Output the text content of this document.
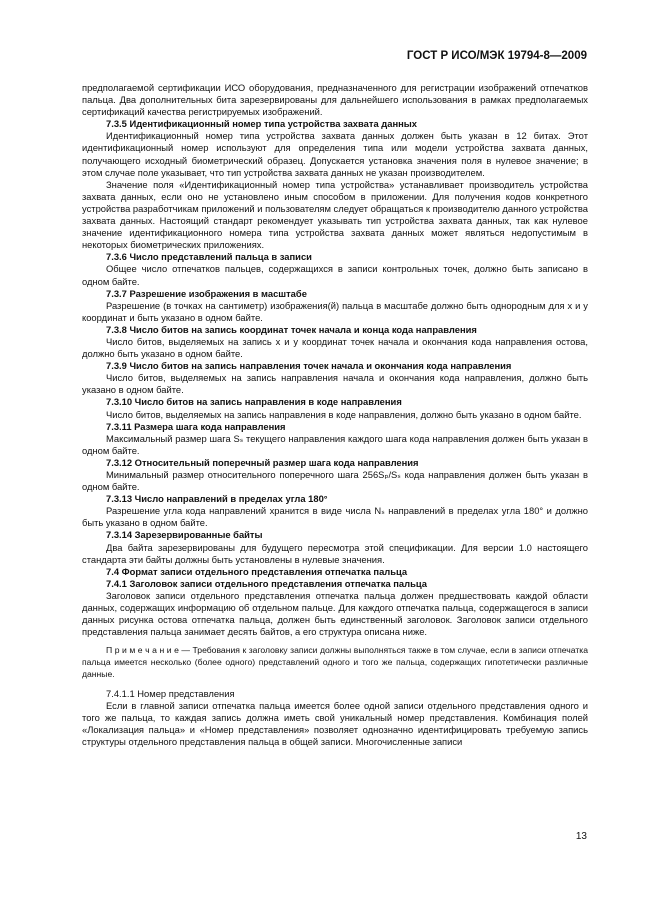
ГОСТ Р ИСО/МЭК 19794-8—2009

предполагаемой сертификации ИСО оборудования, предназначенного для регистрации изображений отпечатков пальца. Два дополнительных бита зарезервированы для дальнейшего использования в рамках предполагаемых сертификаций качества регистрируемых изображений.

7.3.5 Идентификационный номер типа устройства захвата данных

Идентификационный номер типа устройства захвата данных должен быть указан в 12 битах. Этот идентификационный номер используют для определения типа или модели устройства захвата данных, получающего исходный биометрический образец. Допускается установка значения поля в нулевое значение; в этом случае поле указывает, что тип устройства захвата данных не указан производителем.

Значение поля «Идентификационный номер типа устройства» устанавливает производитель устройства захвата данных, если оно не установлено иным способом в приложении. Для получения кодов конкретного устройства разработчикам приложений и пользователям следует обращаться к производителю данного устройства захвата данных. Настоящий стандарт рекомендует указывать тип устройства захвата данных, так как нулевое значение идентификационного номера типа устройства захвата данных может являться недопустимым в некоторых биометрических приложениях.

7.3.6 Число представлений пальца в записи

Общее число отпечатков пальцев, содержащихся в записи контрольных точек, должно быть записано в одном байте.

7.3.7 Разрешение изображения в масштабе

Разрешение (в точках на сантиметр) изображения(й) пальца в масштабе должно быть однородным для x и y координат и быть указано в одном байте.

7.3.8 Число битов на запись координат точек начала и конца кода направления

Число битов, выделяемых на запись x и y координат точек начала и окончания кода направления остова, должно быть указано в одном байте.

7.3.9 Число битов на запись направления точек начала и окончания кода направления

Число битов, выделяемых на запись направления начала и окончания кода направления, должно быть указано в одном байте.

7.3.10 Число битов на запись направления в коде направления

Число битов, выделяемых на запись направления в коде направления, должно быть указано в одном байте.

7.3.11 Размера шага кода направления

Максимальный размер шага Sₛ текущего направления каждого шага кода направления должен быть указан в одном байте.

7.3.12 Относительный поперечный размер шага кода направления

Минимальный размер относительного поперечного шага 256Sₚ/Sₛ кода направления должен быть указан в одном байте.

7.3.13 Число направлений в пределах угла 180°

Разрешение угла кода направлений хранится в виде числа Nₛ направлений в пределах угла 180° и должно быть указано в одном байте.

7.3.14 Зарезервированные байты

Два байта зарезервированы для будущего пересмотра этой спецификации. Для версии 1.0 настоящего стандарта эти байты должны быть установлены в нулевые значения.

7.4 Формат записи отдельного представления отпечатка пальца

7.4.1 Заголовок записи отдельного представления отпечатка пальца

Заголовок записи отдельного представления отпечатка пальца должен предшествовать каждой области данных, содержащих информацию об отдельном пальце. Для каждого отпечатка пальца, содержащегося в записи данных рисунка остова отпечатка пальца, должен быть единственный заголовок. Заголовок записи отдельного представления пальца занимает десять байтов, а его структура описана ниже.

П р и м е ч а н и е — Требования к заголовку записи должны выполняться также в том случае, если в записи отпечатка пальца имеется несколько (более одного) представлений одного и того же пальца, содержащих гипотетически различные данные.

7.4.1.1 Номер представления

Если в главной записи отпечатка пальца имеется более одной записи отдельного представления одного и того же пальца, то каждая запись должна иметь свой уникальный номер представления. Комбинация полей «Локализация пальца» и «Номер представления» позволяет однозначно идентифицировать требуемую запись структуры отдельного представления пальца в общей записи. Многочисленные записи

13
